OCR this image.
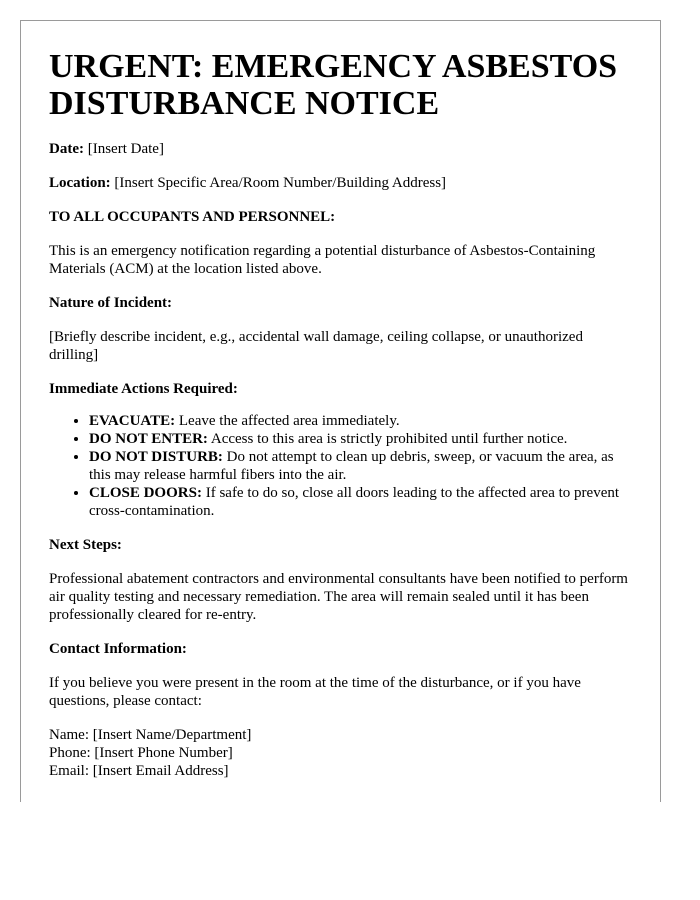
URGENT: EMERGENCY ASBESTOS DISTURBANCE NOTICE

Date: [Insert Date]

Location: [Insert Specific Area/Room Number/Building Address]

TO ALL OCCUPANTS AND PERSONNEL:

This is an emergency notification regarding a potential disturbance of Asbestos-Containing Materials (ACM) at the location listed above.

Nature of Incident:

[Briefly describe incident, e.g., accidental wall damage, ceiling collapse, or unauthorized drilling]

Immediate Actions Required:

• EVACUATE: Leave the affected area immediately.
• DO NOT ENTER: Access to this area is strictly prohibited until further notice.
• DO NOT DISTURB: Do not attempt to clean up debris, sweep, or vacuum the area, as this may release harmful fibers into the air.
• CLOSE DOORS: If safe to do so, close all doors leading to the affected area to prevent cross-contamination.

Next Steps:

Professional abatement contractors and environmental consultants have been notified to perform air quality testing and necessary remediation. The area will remain sealed until it has been professionally cleared for re-entry.

Contact Information:

If you believe you were present in the room at the time of the disturbance, or if you have questions, please contact:

Name: [Insert Name/Department]
Phone: [Insert Phone Number]
Email: [Insert Email Address]
